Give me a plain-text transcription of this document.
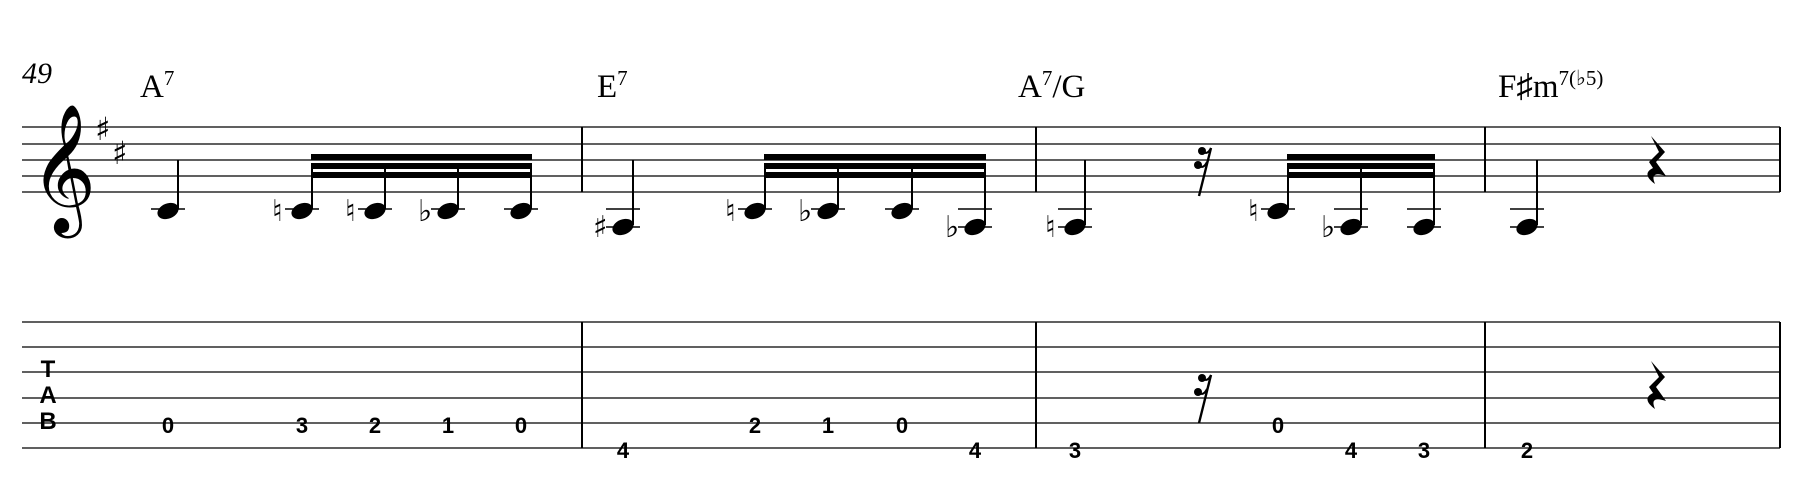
49	$A^7$	$E^7$	$A^7/G$	$F♯m^{7(♭5)}$
𝄞
♯
♯
T
A
B	0
♮
3
♮
2
♭
1	0
♯
4
♮
2
♭
1	0
♭
4
♮
3
♮
0
♭
4	3	2
